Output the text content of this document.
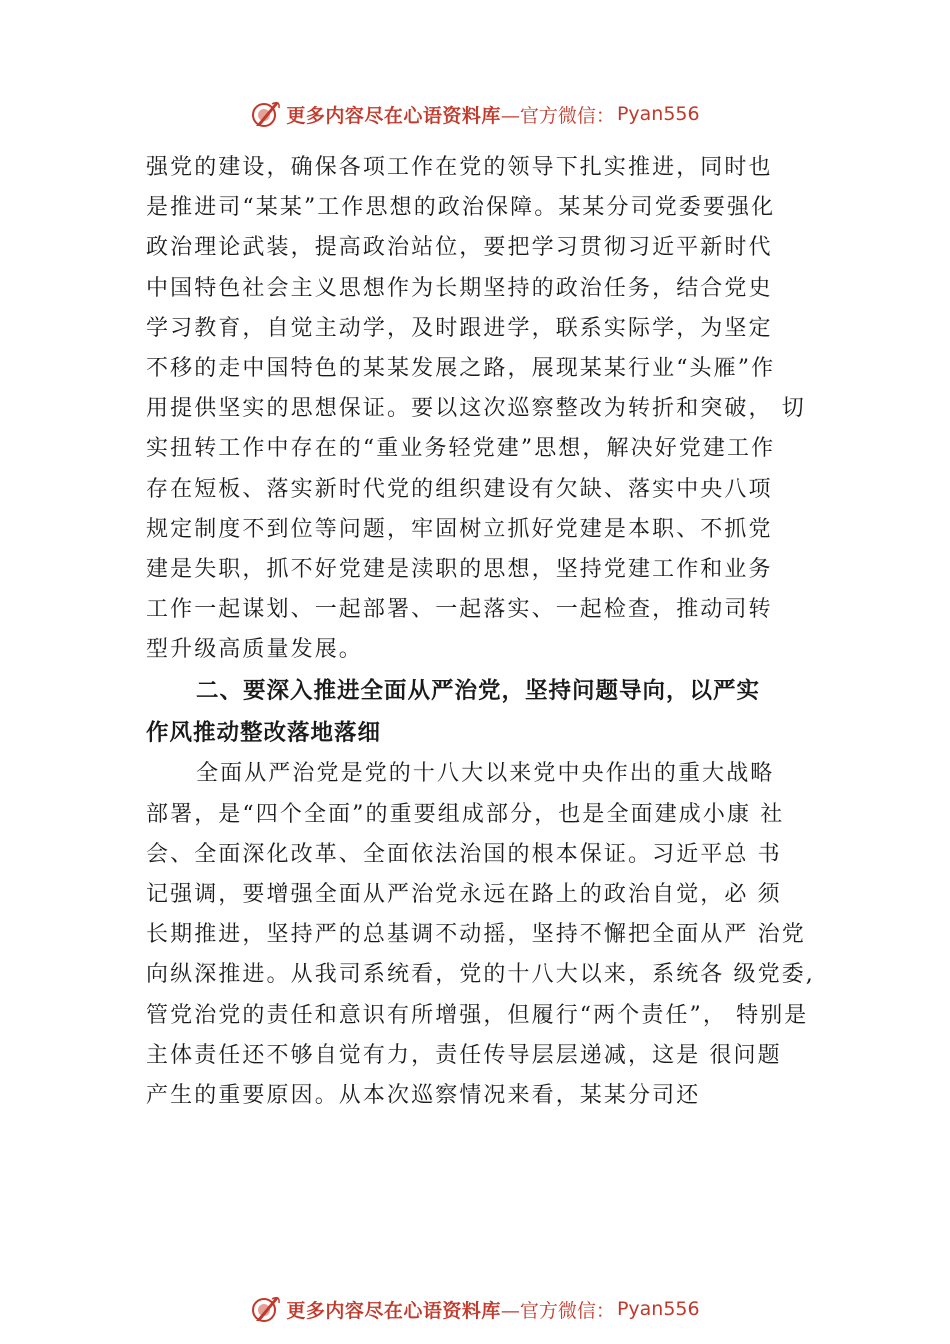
更多内容尽在心语资料库 —官方微信： Pyan556
强党的建设，确保各项工作在党的领导下扎实推进，同时也
是推进司“某某”工作思想的政治保障。某某分司党委要强化
政治理论武装，提高政治站位，要把学习贯彻习近平新时代
中国特色社会主义思想作为长期坚持的政治任务，结合党史
学习教育，自觉主动学，及时跟进学，联系实际学，为坚定
不移的走中国特色的某某发展之路，展现某某行业“头雁”作
用提供坚实的思想保证。要以这次巡察整改为转折和突破， 切
实扭转工作中存在的“重业务轻党建”思想，解决好党建工作
存在短板、落实新时代党的组织建设有欠缺、落实中央八项
规定制度不到位等问题，牢固树立抓好党建是本职、不抓党
建是失职，抓不好党建是渎职的思想，坚持党建工作和业务
工作一起谋划、一起部署、一起落实、一起检查，推动司转
型升级高质量发展。
二、要深入推进全面从严治党，坚持问题导向，以严实
作风推动整改落地落细
全面从严治党是党的十八大以来党中央作出的重大战略
部署，是“四个全面”的重要组成部分，也是全面建成小康 社
会、全面深化改革、全面依法治国的根本保证。习近平总 书
记强调，要增强全面从严治党永远在路上的政治自觉，必 须
长期推进，坚持严的总基调不动摇，坚持不懈把全面从严 治党
向纵深推进。从我司系统看，党的十八大以来，系统各 级党委,
管党治党的责任和意识有所增强，但履行“两个责任”， 特别是
主体责任还不够自觉有力，责任传导层层递减，这是 很问题
产生的重要原因。从本次巡察情况来看，某某分司还
更多内容尽在心语资料库 —官方微信： Pyan556
